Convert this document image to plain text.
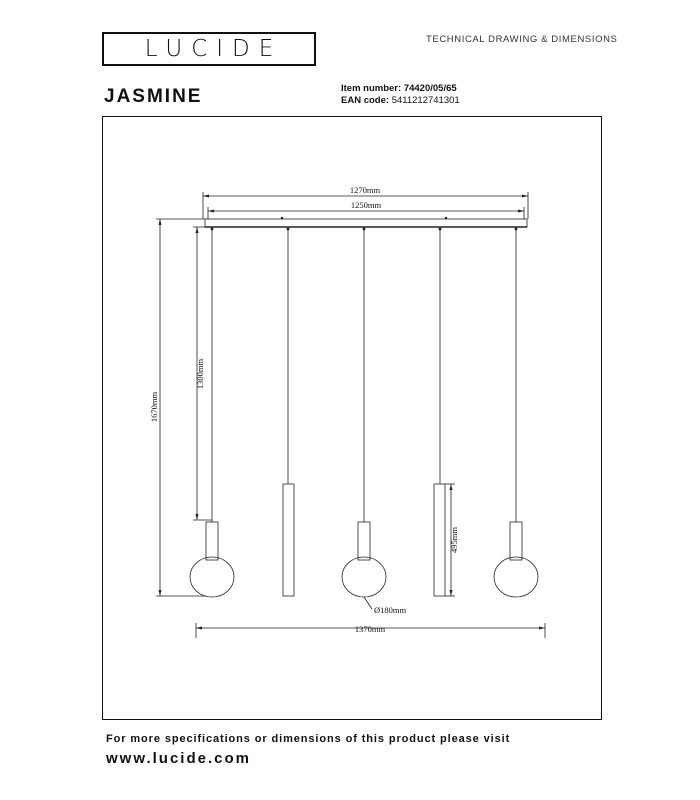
LUCIDE	TECHNICAL DRAWING & DIMENSIONS
JASMINE	Item number: 74420/05/65
EAN code: 5411212741301
1270mm
1250mm
1670mm
1300mm
495mm
Ø180mm
1370mm
For more specifications or dimensions of this product please visit
www.lucide.com
